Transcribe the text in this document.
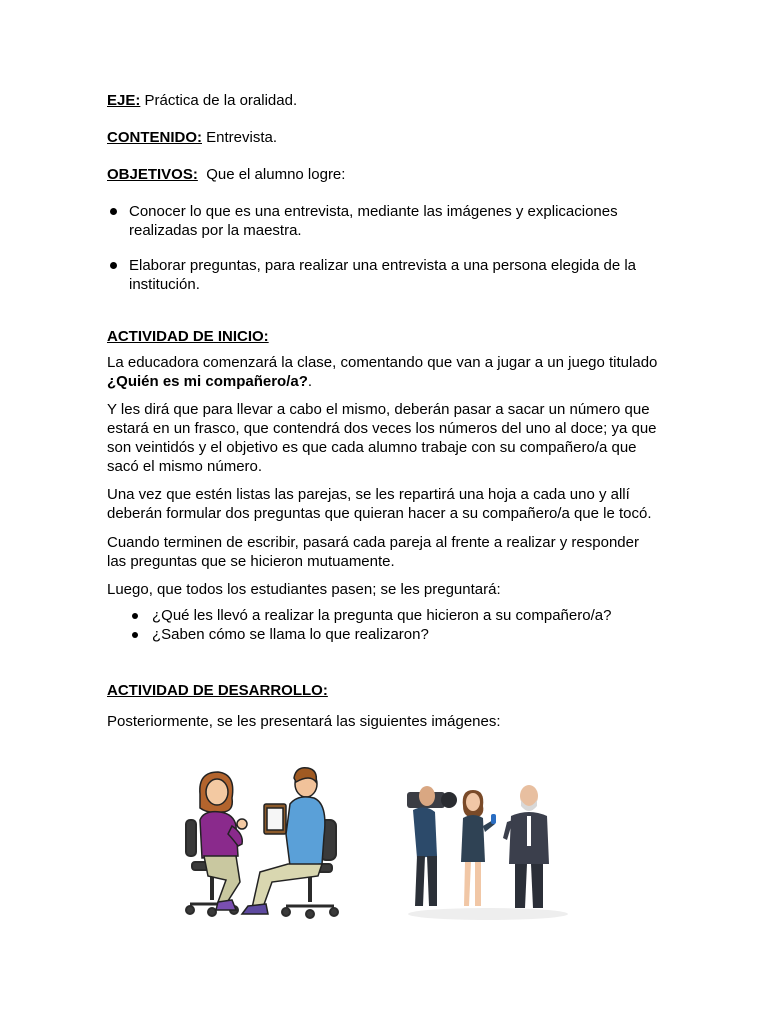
EJE: Práctica de la oralidad.

CONTENIDO: Entrevista.

OBJETIVOS:  Que el alumno logre:

Conocer lo que es una entrevista, mediante las imágenes y explicaciones

realizadas por la maestra.

Elaborar preguntas, para realizar una entrevista a una persona elegida de la

institución.

ACTIVIDAD DE INICIO:

La educadora comenzará la clase, comentando que van a jugar a un juego titulado

¿Quién es mi compañero/a?.

Y les dirá que para llevar a cabo el mismo, deberán pasar a sacar un número que

estará en un frasco, que contendrá dos veces los números del uno al doce; ya que

son veintidós y el objetivo es que cada alumno trabaje con su compañero/a que

sacó el mismo número.

Una vez que estén listas las parejas, se les repartirá una hoja a cada uno y allí

deberán formular dos preguntas que quieran hacer a su compañero/a que le tocó.

Cuando terminen de escribir, pasará cada pareja al frente a realizar y responder

las preguntas que se hicieron mutuamente.

Luego, que todos los estudiantes pasen; se les preguntará:

¿Qué les llevó a realizar la pregunta que hicieron a su compañero/a?

¿Saben cómo se llama lo que realizaron?

ACTIVIDAD DE DESARROLLO:

Posteriormente, se les presentará las siguientes imágenes:
